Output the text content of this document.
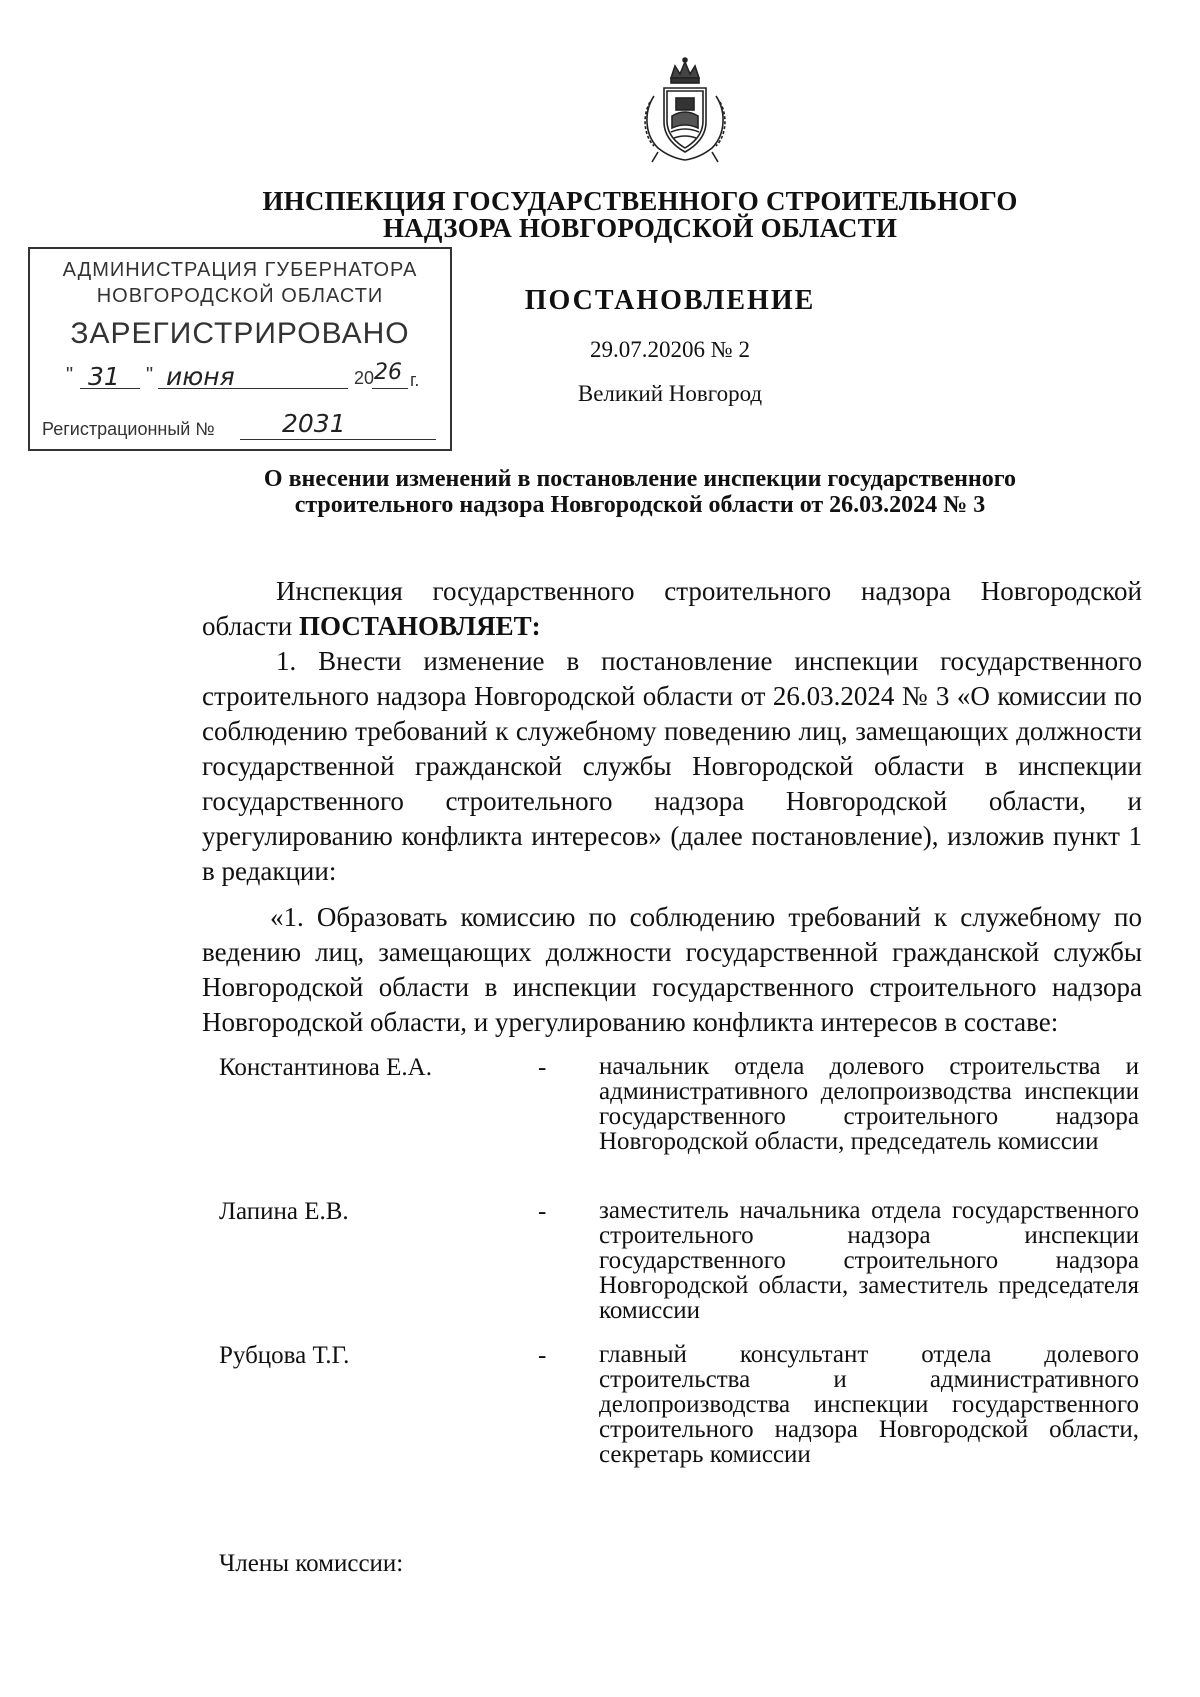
ИНСПЕКЦИЯ ГОСУДАРСТВЕННОГО СТРОИТЕЛЬНОГО
НАДЗОРА НОВГОРОДСКОЙ ОБЛАСТИ
АДМИНИСТРАЦИЯ ГУБЕРНАТОРА
НОВГОРОДСКОЙ ОБЛАСТИ
ЗАРЕГИСТРИРОВАНО
" 31 " июня	20 26 г.
Регистрационный №	2031
ПОСТАНОВЛЕНИЕ
29.07.20206 № 2
Великий Новгород
О внесении изменений в постановление инспекции государственного
строительного надзора Новгородской области от 26.03.2024 № 3
Инспекция государственного строительного надзора Новгородской области ПОСТАНОВЛЯЕТ:
1. Внести изменение в постановление инспекции государственного строительного надзора Новгородской области от 26.03.2024 № 3 «О комиссии по соблюдению требований к служебному поведению лиц, замещающих должности государственной гражданской службы Новгородской области в инспекции государственного строительного надзора Новгородской области, и урегулированию конфликта интересов» (далее постановление), изложив пункт 1 в редакции:
«1. Образовать комиссию по соблюдению требований к служебному по ведению лиц, замещающих должности государственной гражданской службы Новгородской области в инспекции государственного строительного надзора Новгородской области, и урегулированию конфликта интересов в составе:
Константинова Е.А.	- начальник отдела долевого строительства и административного делопроизводства инспекции государственного строительного надзора Новгородской области, председатель комиссии
Лапина Е.В.	- заместитель начальника отдела государственного строительного надзора инспекции государственного строительного надзора Новгородской области, заместитель председателя комиссии
Рубцова Т.Г.	- главный консультант отдела долевого строительства и административного делопроизводства инспекции государственного строительного надзора Новгородской области, секретарь комиссии
Члены комиссии:
